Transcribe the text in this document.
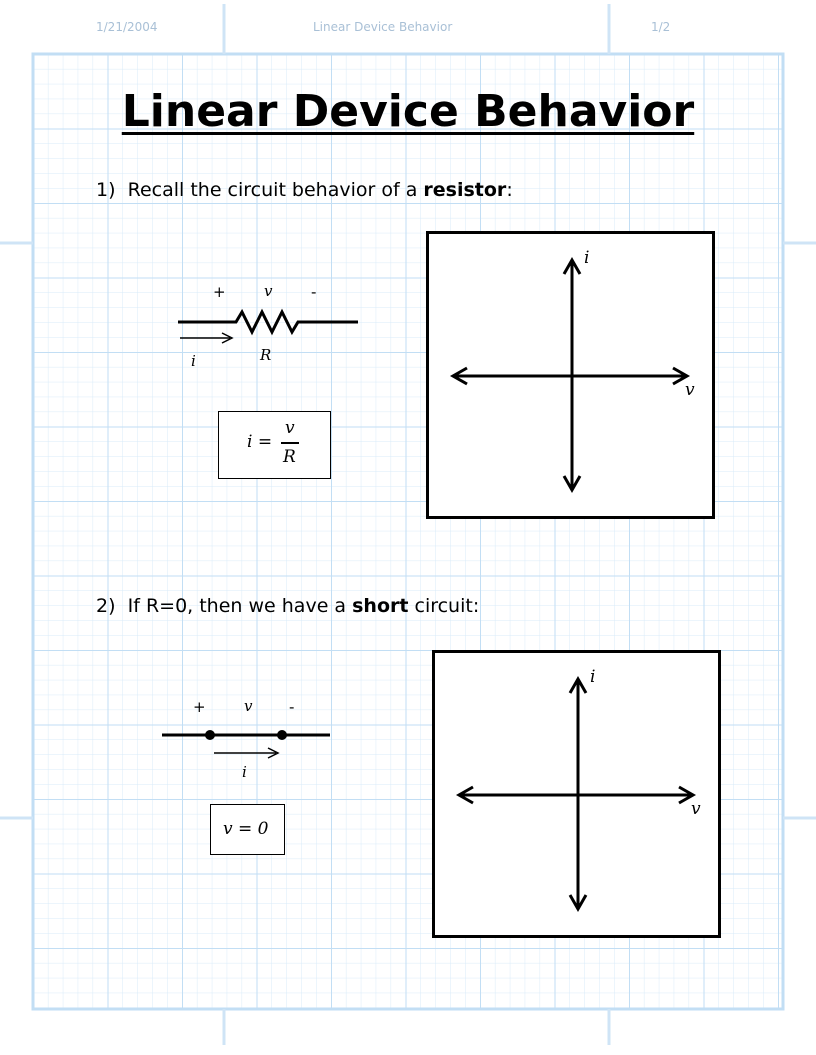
1/21/2004	Linear Device Behavior	1/2
Linear Device Behavior
1) Recall the circuit behavior of a resistor:
+	v	-
i	R
i =
v
R
i
v
2) If R=0, then we have a short circuit:
+	v -
i
v = 0
i
v
